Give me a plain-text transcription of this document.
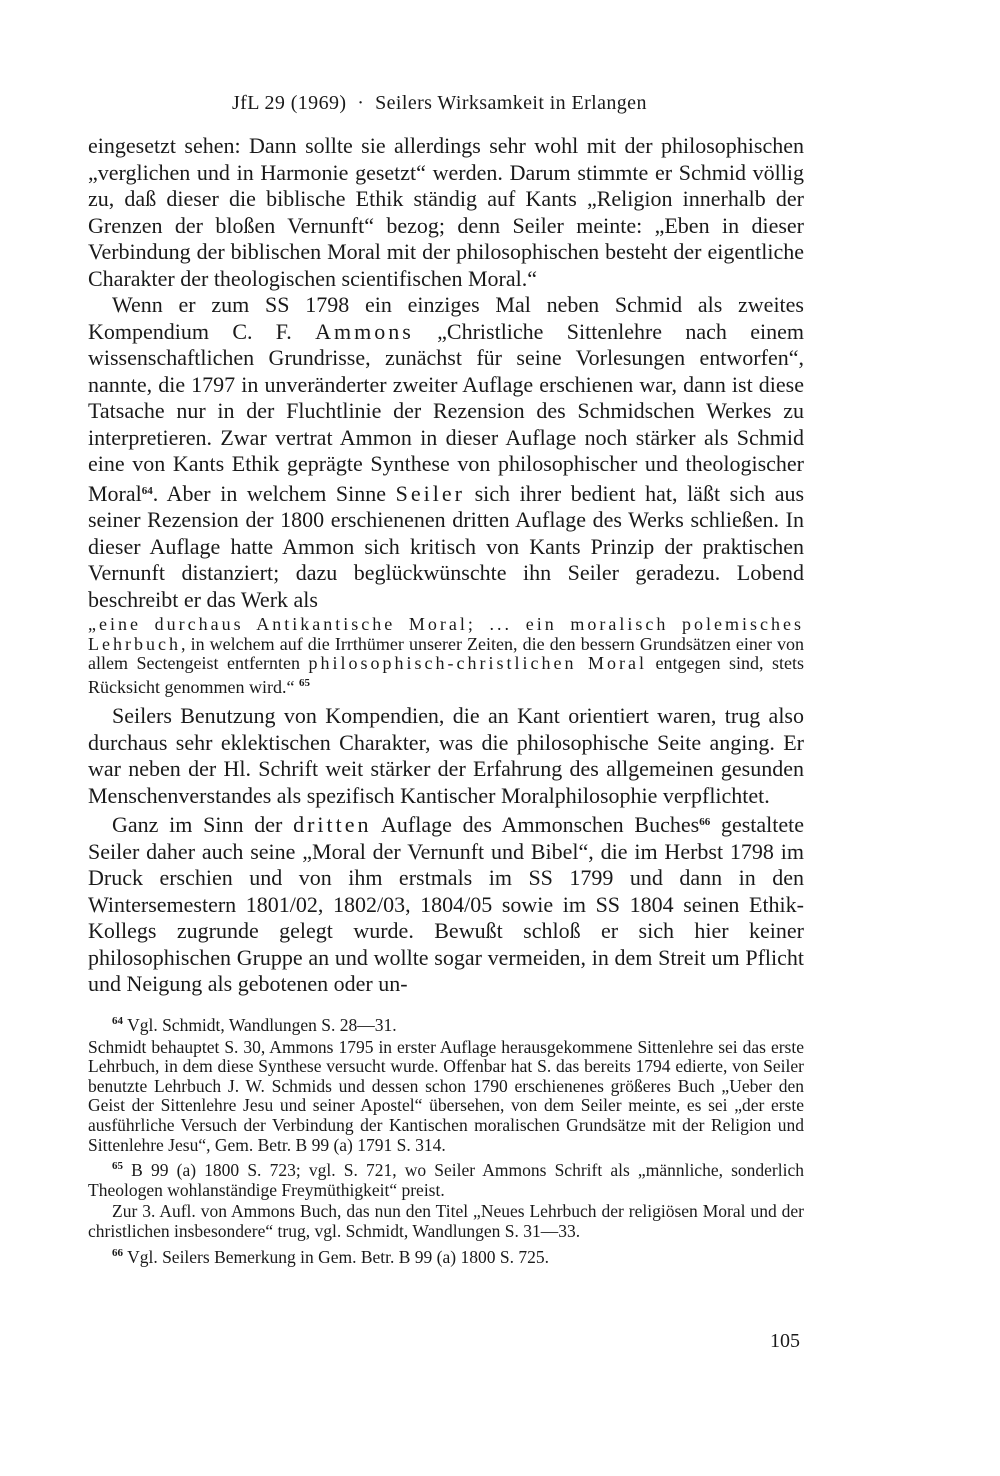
JfL 29 (1969)  ·  Seilers Wirksamkeit in Erlangen

eingesetzt sehen: Dann sollte sie allerdings sehr wohl mit der philosophischen „verglichen und in Harmonie gesetzt“ werden. Darum stimmte er Schmid völlig zu, daß dieser die biblische Ethik ständig auf Kants „Religion innerhalb der Grenzen der bloßen Vernunft“ bezog; denn Seiler meinte: „Eben in dieser Verbindung der biblischen Moral mit der philosophischen besteht der eigentliche Charakter der theologischen scientifischen Moral.“

Wenn er zum SS 1798 ein einziges Mal neben Schmid als zweites Kompendium C. F. Ammons „Christliche Sittenlehre nach einem wissenschaftlichen Grundrisse, zunächst für seine Vorlesungen entworfen“, nannte, die 1797 in unveränderter zweiter Auflage erschienen war, dann ist diese Tatsache nur in der Fluchtlinie der Rezension des Schmidschen Werkes zu interpretieren. Zwar vertrat Ammon in dieser Auflage noch stärker als Schmid eine von Kants Ethik geprägte Synthese von philosophischer und theologischer Moral$^{64}$. Aber in welchem Sinne Seiler sich ihrer bedient hat, läßt sich aus seiner Rezension der 1800 erschienenen dritten Auflage des Werks schließen. In dieser Auflage hatte Ammon sich kritisch von Kants Prinzip der praktischen Vernunft distanziert; dazu beglückwünschte ihn Seiler geradezu. Lobend beschreibt er das Werk als

„eine durchaus Antikantische Moral; ... ein moralisch polemisches Lehrbuch, in welchem auf die Irrthümer unserer Zeiten, die den bessern Grundsätzen einer von allem Sectengeist entfernten philosophisch-christlichen Moral entgegen sind, stets Rücksicht genommen wird.“ $^{65}$

Seilers Benutzung von Kompendien, die an Kant orientiert waren, trug also durchaus sehr eklektischen Charakter, was die philosophische Seite anging. Er war neben der Hl. Schrift weit stärker der Erfahrung des allgemeinen gesunden Menschenverstandes als spezifisch Kantischer Moralphilosophie verpflichtet.

Ganz im Sinn der dritten Auflage des Ammonschen Buches$^{66}$ gestaltete Seiler daher auch seine „Moral der Vernunft und Bibel“, die im Herbst 1798 im Druck erschien und von ihm erstmals im SS 1799 und dann in den Wintersemestern 1801/02, 1802/03, 1804/05 sowie im SS 1804 seinen Ethik-Kollegs zugrunde gelegt wurde. Bewußt schloß er sich hier keiner philosophischen Gruppe an und wollte sogar vermeiden, in dem Streit um Pflicht und Neigung als gebotenen oder un-

$^{64}$ Vgl. Schmidt, Wandlungen S. 28—31.

Schmidt behauptet S. 30, Ammons 1795 in erster Auflage herausgekommene Sittenlehre sei das erste Lehrbuch, in dem diese Synthese versucht wurde. Offenbar hat S. das bereits 1794 edierte, von Seiler benutzte Lehrbuch J. W. Schmids und dessen schon 1790 erschienenes größeres Buch „Ueber den Geist der Sittenlehre Jesu und seiner Apostel“ übersehen, von dem Seiler meinte, es sei „der erste ausführliche Versuch der Verbindung der Kantischen moralischen Grundsätze mit der Religion und Sittenlehre Jesu“, Gem. Betr. B 99 (a) 1791 S. 314.

$^{65}$ B 99 (a) 1800 S. 723; vgl. S. 721, wo Seiler Ammons Schrift als „männliche, sonderlich Theologen wohlanständige Freymüthigkeit“ preist.

Zur 3. Aufl. von Ammons Buch, das nun den Titel „Neues Lehrbuch der religiösen Moral und der christlichen insbesondere“ trug, vgl. Schmidt, Wandlungen S. 31—33.

$^{66}$ Vgl. Seilers Bemerkung in Gem. Betr. B 99 (a) 1800 S. 725.

105
